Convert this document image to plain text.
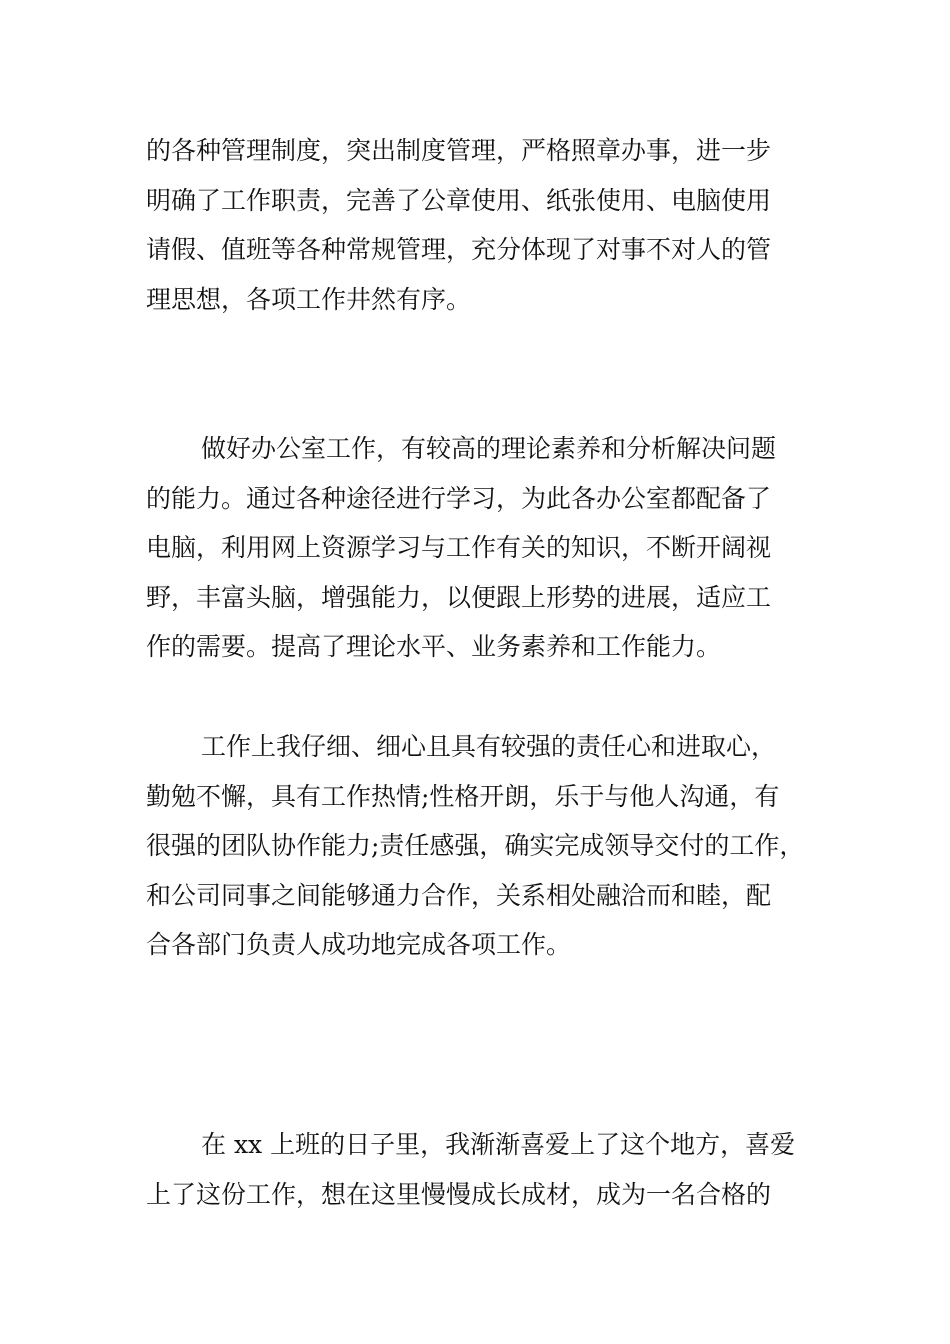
的各种管理制度，突出制度管理，严格照章办事，进一步
明确了工作职责，完善了公章使用、纸张使用、电脑使用
请假、值班等各种常规管理，充分体现了对事不对人的管
理思想，各项工作井然有序。

做好办公室工作，有较高的理论素养和分析解决问题
的能力。通过各种途径进行学习，为此各办公室都配备了
电脑，利用网上资源学习与工作有关的知识，不断开阔视
野，丰富头脑，增强能力，以便跟上形势的进展，适应工
作的需要。提高了理论水平、业务素养和工作能力。

工作上我仔细、细心且具有较强的责任心和进取心，
勤勉不懈，具有工作热情;性格开朗，乐于与他人沟通，有
很强的团队协作能力;责任感强，确实完成领导交付的工作，
和公司同事之间能够通力合作，关系相处融洽而和睦，配
合各部门负责人成功地完成各项工作。

在 xx 上班的日子里，我渐渐喜爱上了这个地方，喜爱
上了这份工作，想在这里慢慢成长成材，成为一名合格的
